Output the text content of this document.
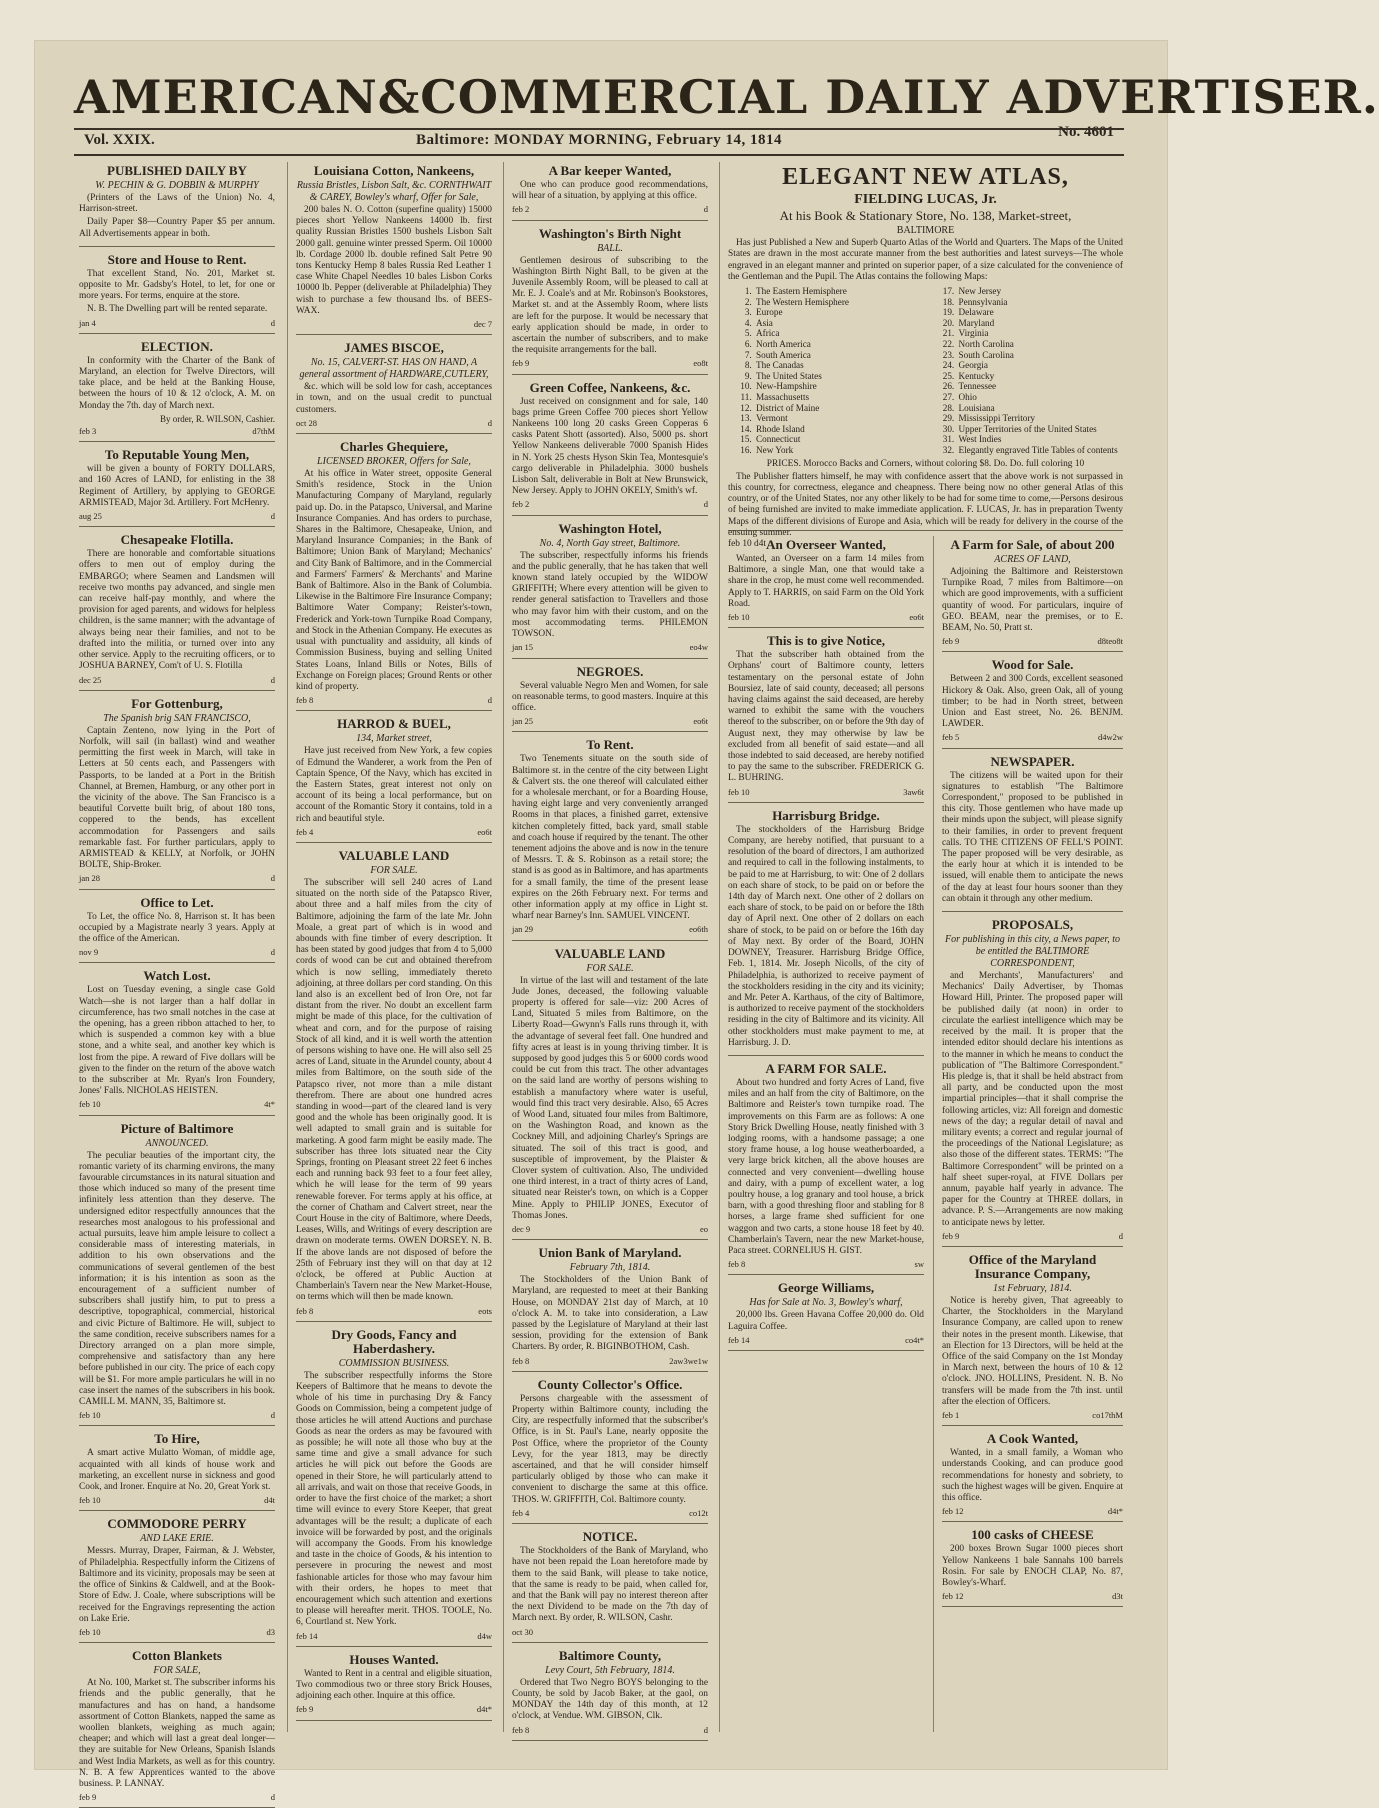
AMERICAN&COMMERCIAL DAILY ADVERTISER.
Vol. XXIX.	Baltimore: MONDAY MORNING, February 14, 1814	No. 4601
PUBLISHED DAILY BY
W. PECHIN & G. DOBBIN & MURPHY

(Printers of the Laws of the Union) No. 4, Harrison-street.

Daily Paper $8—Country Paper $5 per annum. All Advertisements appear in both.

Store and House to Rent.

That excellent Stand, No. 201, Market st. opposite to Mr. Gadsby's Hotel, to let, for one or more years. For terms, enquire at the store.

N. B. The Dwelling part will be rented separate.

jan 4	d
ELECTION.

In conformity with the Charter of the Bank of Maryland, an election for Twelve Directors, will take place, and be held at the Banking House, between the hours of 10 & 12 o'clock, A. M. on Monday the 7th. day of March next.

By order, R. WILSON, Cashier.
feb 3	d7thM
To Reputable Young Men,

will be given a bounty of FORTY DOLLARS, and 160 Acres of LAND, for enlisting in the 38 Regiment of Artillery, by applying to GEORGE ARMISTEAD, Major 3d. Artillery. Fort McHenry.

aug 25	d
Chesapeake Flotilla.

There are honorable and comfortable situations offers to men out of employ during the EMBARGO; where Seamen and Landsmen will receive two months pay advanced, and single men can receive half-pay monthly, and where the provision for aged parents, and widows for helpless children, is the same manner; with the advantage of always being near their families, and not to be drafted into the militia, or turned over into any other service. Apply to the recruiting officers, or to JOSHUA BARNEY, Com't of U. S. Flotilla

dec 25	d
For Gottenburg,
The Spanish brig SAN FRANCISCO,

Captain Zenteno, now lying in the Port of Norfolk, will sail (in ballast) wind and weather permitting the first week in March, will take in Letters at 50 cents each, and Passengers with Passports, to be landed at a Port in the British Channel, at Bremen, Hamburg, or any other port in the vicinity of the above. The San Francisco is a beautiful Corvette built brig, of about 180 tons, coppered to the bends, has excellent accommodation for Passengers and sails remarkable fast. For further particulars, apply to ARMISTEAD & KELLY, at Norfolk, or JOHN BOLTE, Ship-Broker.

jan 28	d
Office to Let.

To Let, the office No. 8, Harrison st. It has been occupied by a Magistrate nearly 3 years. Apply at the office of the American.

nov 9	d
Watch Lost.

Lost on Tuesday evening, a single case Gold Watch—she is not larger than a half dollar in circumference, has two small notches in the case at the opening, has a green ribbon attached to her, to which is suspended a common key with a blue stone, and a white seal, and another key which is lost from the pipe. A reward of Five dollars will be given to the finder on the return of the above watch to the subscriber at Mr. Ryan's Iron Foundery, Jones' Falls. NICHOLAS HEISTEN.

feb 10	4t*
Picture of Baltimore
ANNOUNCED.

The peculiar beauties of the important city, the romantic variety of its charming environs, the many favourable circumstances in its natural situation and those which induced so many of the present time infinitely less attention than they deserve. The undersigned editor respectfully announces that the researches most analogous to his professional and actual pursuits, leave him ample leisure to collect a considerable mass of interesting materials, in addition to his own observations and the communications of several gentlemen of the best information; it is his intention as soon as the encouragement of a sufficient number of subscribers shall justify him, to put to press a descriptive, topographical, commercial, historical and civic Picture of Baltimore. He will, subject to the same condition, receive subscribers names for a Directory arranged on a plan more simple, comprehensive and satisfactory than any here before published in our city. The price of each copy will be $1. For more ample particulars he will in no case insert the names of the subscribers in his book. CAMILL M. MANN, 35, Baltimore st.

feb 10	d
To Hire,

A smart active Mulatto Woman, of middle age, acquainted with all kinds of house work and marketing, an excellent nurse in sickness and good Cook, and Ironer. Enquire at No. 20, Great York st.

feb 10	d4t
COMMODORE PERRY
AND LAKE ERIE.

Messrs. Murray, Draper, Fairman, & J. Webster, of Philadelphia. Respectfully inform the Citizens of Baltimore and its vicinity, proposals may be seen at the office of Sinkins & Caldwell, and at the Book-Store of Edw. J. Coale, where subscriptions will be received for the Engravings representing the action on Lake Erie.

feb 10	d3
Cotton Blankets
FOR SALE,

At No. 100, Market st. The subscriber informs his friends and the public generally, that he manufactures and has on hand, a handsome assortment of Cotton Blankets, napped the same as woollen blankets, weighing as much again; cheaper; and which will last a great deal longer—they are suitable for New Orleans, Spanish Islands and West India Markets, as well as for this country. N. B. A few Apprentices wanted to the above business. P. LANNAY.

feb 9	d
Louisiana Cotton, Nankeens,
Russia Bristles, Lisbon Salt, &c. CORNTHWAIT & CAREY, Bowley's wharf, Offer for Sale,

200 bales N. O. Cotton (superfine quality) 15000 pieces short Yellow Nankeens 14000 lb. first quality Russian Bristles 1500 bushels Lisbon Salt 2000 gall. genuine winter pressed Sperm. Oil 10000 lb. Cordage 2000 lb. double refined Salt Petre 90 tons Kentucky Hemp 8 bales Russia Red Leather 1 case White Chapel Needles 10 bales Lisbon Corks 10000 lb. Pepper (deliverable at Philadelphia) They wish to purchase a few thousand lbs. of BEES-WAX.

dec 7
JAMES BISCOE,
No. 15, CALVERT-ST. HAS ON HAND, A general assortment of HARDWARE,CUTLERY,

&c. which will be sold low for cash, acceptances in town, and on the usual credit to punctual customers.

oct 28	d
Charles Ghequiere,
LICENSED BROKER, Offers for Sale,

At his office in Water street, opposite General Smith's residence, Stock in the Union Manufacturing Company of Maryland, regularly paid up. Do. in the Patapsco, Universal, and Marine Insurance Companies. And has orders to purchase, Shares in the Baltimore, Chesapeake, Union, and Maryland Insurance Companies; in the Bank of Baltimore; Union Bank of Maryland; Mechanics' and City Bank of Baltimore, and in the Commercial and Farmers' Farmers' & Merchants' and Marine Bank of Baltimore. Also in the Bank of Columbia. Likewise in the Baltimore Fire Insurance Company; Baltimore Water Company; Reister's-town, Frederick and York-town Turnpike Road Company, and Stock in the Athenian Company. He executes as usual with punctuality and assiduity, all kinds of Commission Business, buying and selling United States Loans, Inland Bills or Notes, Bills of Exchange on Foreign places; Ground Rents or other kind of property.

feb 8	d
HARROD & BUEL,
134, Market street,

Have just received from New York, a few copies of Edmund the Wanderer, a work from the Pen of Captain Spence, Of the Navy, which has excited in the Eastern States, great interest not only on account of its being a local performance, but on account of the Romantic Story it contains, told in a rich and beautiful style.

feb 4	eo6t
VALUABLE LAND
FOR SALE.

The subscriber will sell 240 acres of Land situated on the north side of the Patapsco River, about three and a half miles from the city of Baltimore, adjoining the farm of the late Mr. John Moale, a great part of which is in wood and abounds with fine timber of every description. It has been stated by good judges that from 4 to 5,000 cords of wood can be cut and obtained therefrom which is now selling, immediately thereto adjoining, at three dollars per cord standing. On this land also is an excellent bed of Iron Ore, not far distant from the river. No doubt an excellent farm might be made of this place, for the cultivation of wheat and corn, and for the purpose of raising Stock of all kind, and it is well worth the attention of persons wishing to have one. He will also sell 25 acres of Land, situate in the Arundel county, about 4 miles from Baltimore, on the south side of the Patapsco river, not more than a mile distant therefrom. There are about one hundred acres standing in wood—part of the cleared land is very good and the whole has been originally good. It is well adapted to small grain and is suitable for marketing. A good farm might be easily made. The subscriber has three lots situated near the City Springs, fronting on Pleasant street 22 feet 6 inches each and running back 93 feet to a four feet alley, which he will lease for the term of 99 years renewable forever. For terms apply at his office, at the corner of Chatham and Calvert street, near the Court House in the city of Baltimore, where Deeds, Leases, Wills, and Writings of every description are drawn on moderate terms. OWEN DORSEY. N. B. If the above lands are not disposed of before the 25th of February inst they will on that day at 12 o'clock, be offered at Public Auction at Chamberlain's Tavern near the New Market-House, on terms which will then be made known.

feb 8	eots
Dry Goods, Fancy and Haberdashery.
COMMISSION BUSINESS.

The subscriber respectfully informs the Store Keepers of Baltimore that he means to devote the whole of his time in purchasing Dry & Fancy Goods on Commission, being a competent judge of those articles he will attend Auctions and purchase Goods as near the orders as may be favoured with as possible; he will note all those who buy at the same time and give a small advance for such articles he will pick out before the Goods are opened in their Store, he will particularly attend to all arrivals, and wait on those that receive Goods, in order to have the first choice of the market; a short time will evince to every Store Keeper, that great advantages will be the result; a duplicate of each invoice will be forwarded by post, and the originals will accompany the Goods. From his knowledge and taste in the choice of Goods, & his intention to persevere in procuring the newest and most fashionable articles for those who may favour him with their orders, he hopes to meet that encouragement which such attention and exertions to please will hereafter merit. THOS. TOOLE, No. 6, Courtland st. New York.

feb 14	d4w
Houses Wanted.

Wanted to Rent in a central and eligible situation, Two commodious two or three story Brick Houses, adjoining each other. Inquire at this office.

feb 9	d4t*
A Bar keeper Wanted,

One who can produce good recommendations, will hear of a situation, by applying at this office.

feb 2	d
Washington's Birth Night
BALL.

Gentlemen desirous of subscribing to the Washington Birth Night Ball, to be given at the Juvenile Assembly Room, will be pleased to call at Mr. E. J. Coale's and at Mr. Robinson's Bookstores, Market st. and at the Assembly Room, where lists are left for the purpose. It would be necessary that early application should be made, in order to ascertain the number of subscribers, and to make the requisite arrangements for the ball.

feb 9	eo8t
Green Coffee, Nankeens, &c.

Just received on consignment and for sale, 140 bags prime Green Coffee 700 pieces short Yellow Nankeens 100 long 20 casks Green Copperas 6 casks Patent Shott (assorted). Also, 5000 ps. short Yellow Nankeens deliverable 7000 Spanish Hides in N. York 25 chests Hyson Skin Tea, Montesquie's cargo deliverable in Philadelphia. 3000 bushels Lisbon Salt, deliverable in Bolt at New Brunswick, New Jersey. Apply to JOHN OKELY, Smith's wf.

feb 2	d
Washington Hotel,
No. 4, North Gay street, Baltimore.

The subscriber, respectfully informs his friends and the public generally, that he has taken that well known stand lately occupied by the WIDOW GRIFFITH; Where every attention will be given to render general satisfaction to Travellers and those who may favor him with their custom, and on the most accommodating terms. PHILEMON TOWSON.

jan 15	eo4w
NEGROES.

Several valuable Negro Men and Women, for sale on reasonable terms, to good masters. Inquire at this office.

jan 25	eo6t
To Rent.

Two Tenements situate on the south side of Baltimore st. in the centre of the city between Light & Calvert sts. the one thereof will calculated either for a wholesale merchant, or for a Boarding House, having eight large and very conveniently arranged Rooms in that places, a finished garret, extensive kitchen completely fitted, back yard, small stable and coach house if required by the tenant. The other tenement adjoins the above and is now in the tenure of Messrs. T. & S. Robinson as a retail store; the stand is as good as in Baltimore, and has apartments for a small family, the time of the present lease expires on the 26th February next. For terms and other information apply at my office in Light st. wharf near Barney's Inn. SAMUEL VINCENT.

jan 29	eo6th
VALUABLE LAND
FOR SALE.

In virtue of the last will and testament of the late Jude Jones, deceased, the following valuable property is offered for sale—viz: 200 Acres of Land, Situated 5 miles from Baltimore, on the Liberty Road—Gwynn's Falls runs through it, with the advantage of several feet fall. One hundred and fifty acres at least is in young thriving timber. It is supposed by good judges this 5 or 6000 cords wood could be cut from this tract. The other advantages on the said land are worthy of persons wishing to establish a manufactory where water is useful, would find this tract very desirable. Also, 65 Acres of Wood Land, situated four miles from Baltimore, on the Washington Road, and known as the Cockney Mill, and adjoining Charley's Springs are situated. The soil of this tract is good, and susceptible of improvement, by the Plaister & Clover system of cultivation. Also, The undivided one third interest, in a tract of thirty acres of Land, situated near Reister's town, on which is a Copper Mine. Apply to PHILIP JONES, Executor of Thomas Jones.

dec 9	eo
Union Bank of Maryland.
February 7th, 1814.

The Stockholders of the Union Bank of Maryland, are requested to meet at their Banking House, on MONDAY 21st day of March, at 10 o'clock A. M. to take into consideration, a Law passed by the Legislature of Maryland at their last session, providing for the extension of Bank Charters. By order, R. BIGINBOTHOM, Cash.

feb 8	2aw3we1w
County Collector's Office.

Persons chargeable with the assessment of Property within Baltimore county, including the City, are respectfully informed that the subscriber's Office, is in St. Paul's Lane, nearly opposite the Post Office, where the proprietor of the County Levy, for the year 1813, may be directly ascertained, and that he will consider himself particularly obliged by those who can make it convenient to discharge the same at this office. THOS. W. GRIFFITH, Col. Baltimore county.

feb 4	co12t
NOTICE.

The Stockholders of the Bank of Maryland, who have not been repaid the Loan heretofore made by them to the said Bank, will please to take notice, that the same is ready to be paid, when called for, and that the Bank will pay no interest thereon after the next Dividend to be made on the 7th day of March next. By order, R. WILSON, Cashr.

oct 30
Baltimore County,
Levy Court, 5th February, 1814.

Ordered that Two Negro BOYS belonging to the County, be sold by Jacob Baker, at the gaol, on MONDAY the 14th day of this month, at 12 o'clock, at Vendue. WM. GIBSON, Clk.

feb 8	d
ELEGANT NEW ATLAS,
FIELDING LUCAS, Jr.
At his Book & Stationary Store, No. 138, Market-street,
BALTIMORE

Has just Published a New and Superb Quarto Atlas of the World and Quarters. The Maps of the United States are drawn in the most accurate manner from the best authorities and latest surveys—The whole engraved in an elegant manner and printed on superior paper, of a size calculated for the convenience of the Gentleman and the Pupil. The Atlas contains the following Maps:

1. The Eastern Hemisphere
2. The Western Hemisphere
3. Europe
4. Asia
5. Africa
6. North America
7. South America
8. The Canadas
9. The United States
10. New-Hampshire
11. Massachusetts
12. District of Maine
13. Vermont
14. Rhode Island
15. Connecticut
16. New York
17. New Jersey
18. Pennsylvania
19. Delaware
20. Maryland
21. Virginia
22. North Carolina
23. South Carolina
24. Georgia
25. Kentucky
26. Tennessee
27. Ohio
28. Louisiana
29. Mississippi Territory
30. Upper Territories of the United States
31. West Indies
32. Elegantly engraved Title Tables of contents

PRICES. Morocco Backs and Corners, without coloring $8. Do. Do. full coloring 10

The Publisher flatters himself, he may with confidence assert that the above work is not surpassed in this country, for correctness, elegance and cheapness. There being now no other general Atlas of this country, or of the United States, nor any other likely to be had for some time to come,—Persons desirous of being furnished are invited to make immediate application. F. LUCAS, Jr. has in preparation Twenty Maps of the different divisions of Europe and Asia, which will be ready for delivery in the course of the ensuing summer.

feb 10 d4t An Overseer Wanted,

Wanted, an Overseer on a farm 14 miles from Baltimore, a single Man, one that would take a share in the crop, he must come well recommended. Apply to T. HARRIS, on said Farm on the Old York Road.

feb 10	eo6t
This is to give Notice,

That the subscriber hath obtained from the Orphans' court of Baltimore county, letters testamentary on the personal estate of John Boursiez, late of said county, deceased; all persons having claims against the said deceased, are hereby warned to exhibit the same with the vouchers thereof to the subscriber, on or before the 9th day of August next, they may otherwise by law be excluded from all benefit of said estate—and all those indebted to said deceased, are hereby notified to pay the same to the subscriber. FREDERICK G. L. BUHRING.

feb 10	3aw6t
Harrisburg Bridge.

The stockholders of the Harrisburg Bridge Company, are hereby notified, that pursuant to a resolution of the board of directors, I am authorized and required to call in the following instalments, to be paid to me at Harrisburg, to wit: One of 2 dollars on each share of stock, to be paid on or before the 14th day of March next. One other of 2 dollars on each share of stock, to be paid on or before the 18th day of April next. One other of 2 dollars on each share of stock, to be paid on or before the 16th day of May next. By order of the Board, JOHN DOWNEY, Treasurer. Harrisburg Bridge Office, Feb. 1, 1814. Mr. Joseph Nicolls, of the city of Philadelphia, is authorized to receive payment of the stockholders residing in the city and its vicinity; and Mr. Peter A. Karthaus, of the city of Baltimore, is authorized to receive payment of the stockholders residing in the city of Baltimore and its vicinity. All other stockholders must make payment to me, at Harrisburg. J. D.

A FARM FOR SALE.

About two hundred and forty Acres of Land, five miles and an half from the city of Baltimore, on the Baltimore and Reister's town turnpike road. The improvements on this Farm are as follows: A one Story Brick Dwelling House, neatly finished with 3 lodging rooms, with a handsome passage; a one story frame house, a log house weatherboarded, a very large brick kitchen, all the above houses are connected and very convenient—dwelling house and dairy, with a pump of excellent water, a log poultry house, a log granary and tool house, a brick barn, with a good threshing floor and stabling for 8 horses, a large frame shed sufficient for one waggon and two carts, a stone house 18 feet by 40. Chamberlain's Tavern, near the new Market-house, Paca street. CORNELIUS H. GIST.

feb 8	sw
George Williams,
Has for Sale at No. 3, Bowley's wharf,

20,000 lbs. Green Havana Coffee 20,000 do. Old Laguira Coffee.

feb 14	co4t*
A Farm for Sale, of about 200
ACRES OF LAND,

Adjoining the Baltimore and Reisterstown Turnpike Road, 7 miles from Baltimore—on which are good improvements, with a sufficient quantity of wood. For particulars, inquire of GEO. BEAM, near the premises, or to E. BEAM, No. 50, Pratt st.

feb 9	d8teo8t
Wood for Sale.

Between 2 and 300 Cords, excellent seasoned Hickory & Oak. Also, green Oak, all of young timber; to be had in North street, between Union and East street, No. 26. BENJM. LAWDER.

feb 5	d4w2w
NEWSPAPER.

The citizens will be waited upon for their signatures to establish "The Baltimore Correspondent," proposed to be published in this city. Those gentlemen who have made up their minds upon the subject, will please signify to their families, in order to prevent frequent calls. TO THE CITIZENS OF FELL'S POINT. The paper proposed will be very desirable, as the early hour at which it is intended to be issued, will enable them to anticipate the news of the day at least four hours sooner than they can obtain it through any other medium.

PROPOSALS,
For publishing in this city, a News paper, to be entitled the BALTIMORE CORRESPONDENT,

and Merchants', Manufacturers' and Mechanics' Daily Advertiser, by Thomas Howard Hill, Printer. The proposed paper will be published daily (at noon) in order to circulate the earliest intelligence which may be received by the mail. It is proper that the intended editor should declare his intentions as to the manner in which he means to conduct the publication of "The Baltimore Correspondent." His pledge is, that it shall be held abstract from all party, and be conducted upon the most impartial principles—that it shall comprise the following articles, viz: All foreign and domestic news of the day; a regular detail of naval and military events; a correct and regular journal of the proceedings of the National Legislature; as also those of the different states. TERMS: "The Baltimore Correspondent" will be printed on a half sheet super-royal, at FIVE Dollars per annum, payable half yearly in advance. The paper for the Country at THREE dollars, in advance. P. S.—Arrangements are now making to anticipate news by letter.

feb 9	d
Office of the Maryland Insurance Company,
1st February, 1814.

Notice is hereby given, That agreeably to Charter, the Stockholders in the Maryland Insurance Company, are called upon to renew their notes in the present month. Likewise, that an Election for 13 Directors, will be held at the Office of the said Company on the 1st Monday in March next, between the hours of 10 & 12 o'clock. JNO. HOLLINS, President. N. B. No transfers will be made from the 7th inst. until after the election of Officers.

feb 1	co17thM
A Cook Wanted,

Wanted, in a small family, a Woman who understands Cooking, and can produce good recommendations for honesty and sobriety, to such the highest wages will be given. Enquire at this office.

feb 12	d4t*
100 casks of CHEESE

200 boxes Brown Sugar 1000 pieces short Yellow Nankeens 1 bale Sannahs 100 barrels Rosin. For sale by ENOCH CLAP, No. 87, Bowley's-Wharf.

feb 12	d3t
